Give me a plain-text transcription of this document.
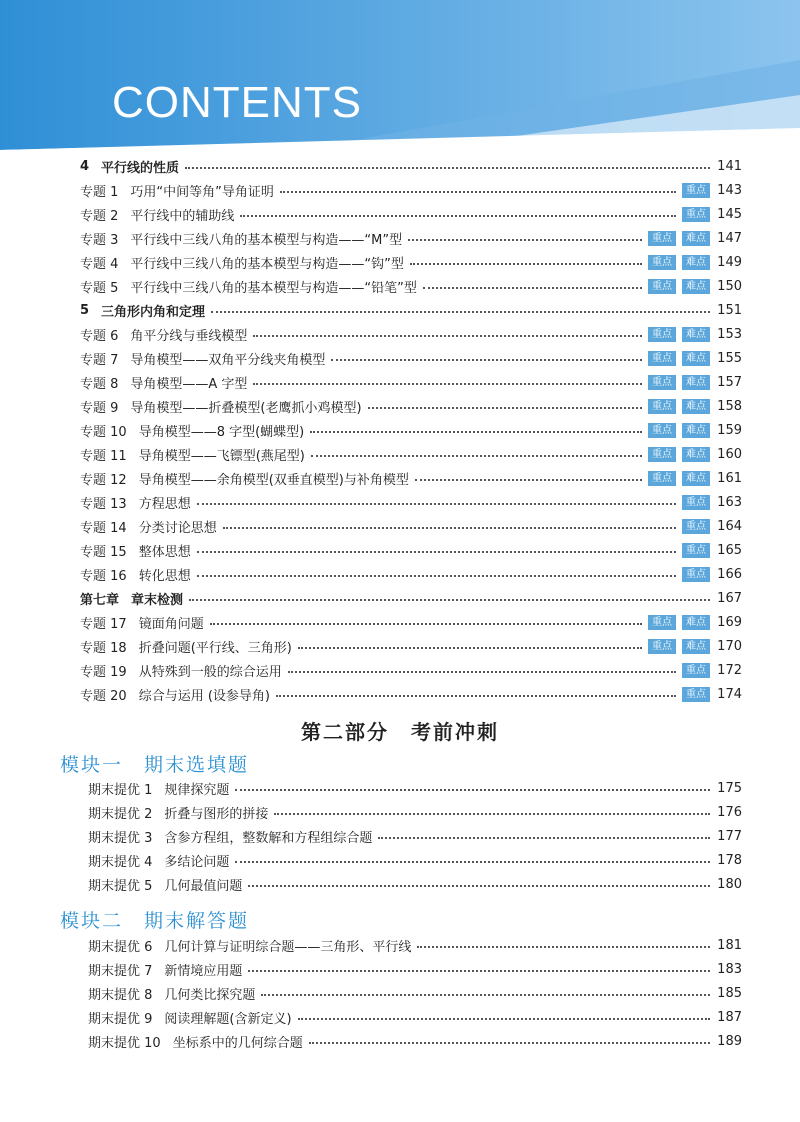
CONTENTS
4 平行线的性质	141
专题 1 巧用“中间等角”导角证明	重点 143
专题 2 平行线中的辅助线	重点 145
专题 3 平行线中三线八角的基本模型与构造——“M”型	重点	难点 147
专题 4 平行线中三线八角的基本模型与构造——“钩”型	重点	难点 149
专题 5 平行线中三线八角的基本模型与构造——“铅笔”型	重点	难点 150
5 三角形内角和定理	151
专题 6 角平分线与垂线模型	重点	难点 153
专题 7 导角模型——双角平分线夹角模型	重点	难点 155
专题 8 导角模型——A 字型	重点	难点 157
专题 9 导角模型——折叠模型(老鹰抓小鸡模型)	重点	难点 158
专题 10 导角模型——8 字型(蝴蝶型)	重点	难点 159
专题 11 导角模型——飞镖型(燕尾型)	重点	难点 160
专题 12 导角模型——余角模型(双垂直模型)与补角模型	重点	难点 161
专题 13 方程思想	重点 163
专题 14 分类讨论思想	重点 164
专题 15 整体思想	重点 165
专题 16 转化思想	重点 166
第七章 章末检测	167
专题 17 镜面角问题	重点	难点 169
专题 18 折叠问题(平行线、三角形)	重点	难点 170
专题 19 从特殊到一般的综合运用	重点 172
专题 20 综合与运用 (设参导角)	重点 174
期末提优 1 规律探究题	175
期末提优 2 折叠与图形的拼接	176
期末提优 3 含参方程组，整数解和方程组综合题	177
期末提优 4 多结论问题	178
期末提优 5 几何最值问题	180
期末提优 6 几何计算与证明综合题——三角形、平行线	181
期末提优 7 新情境应用题	183
期末提优 8 几何类比探究题	185
期末提优 9 阅读理解题(含新定义)	187
期末提优 10 坐标系中的几何综合题	189
第二部分　考前冲刺
模块一　期末选填题
模块二　期末解答题
